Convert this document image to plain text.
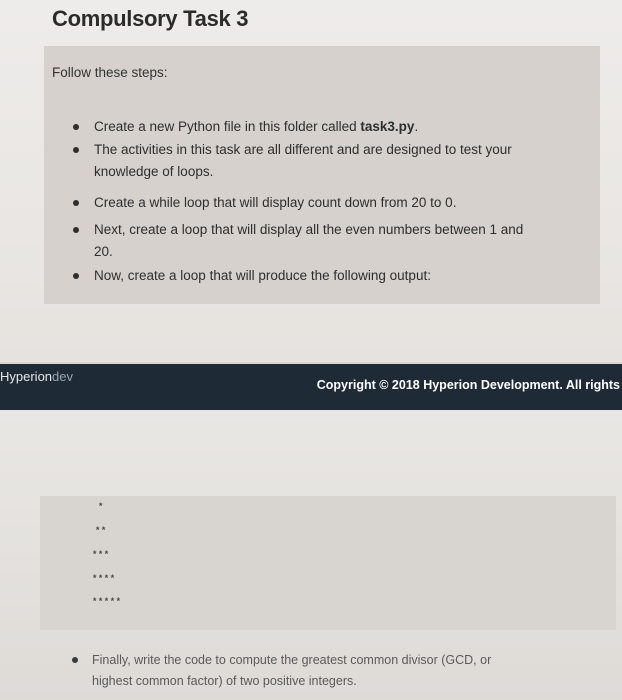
Compulsory Task 3
Follow these steps:
Create a new Python file in this folder called task3.py.
The activities in this task are all different and are designed to test your
knowledge of loops.
Create a while loop that will display count down from 20 to 0.
Next, create a loop that will display all the even numbers between 1 and
20.
Now, create a loop that will produce the following output:
Hyperiondev
Copyright © 2018 Hyperion Development. All rights
*
**
***
****
*****
Finally, write the code to compute the greatest common divisor (GCD, or
highest common factor) of two positive integers.
